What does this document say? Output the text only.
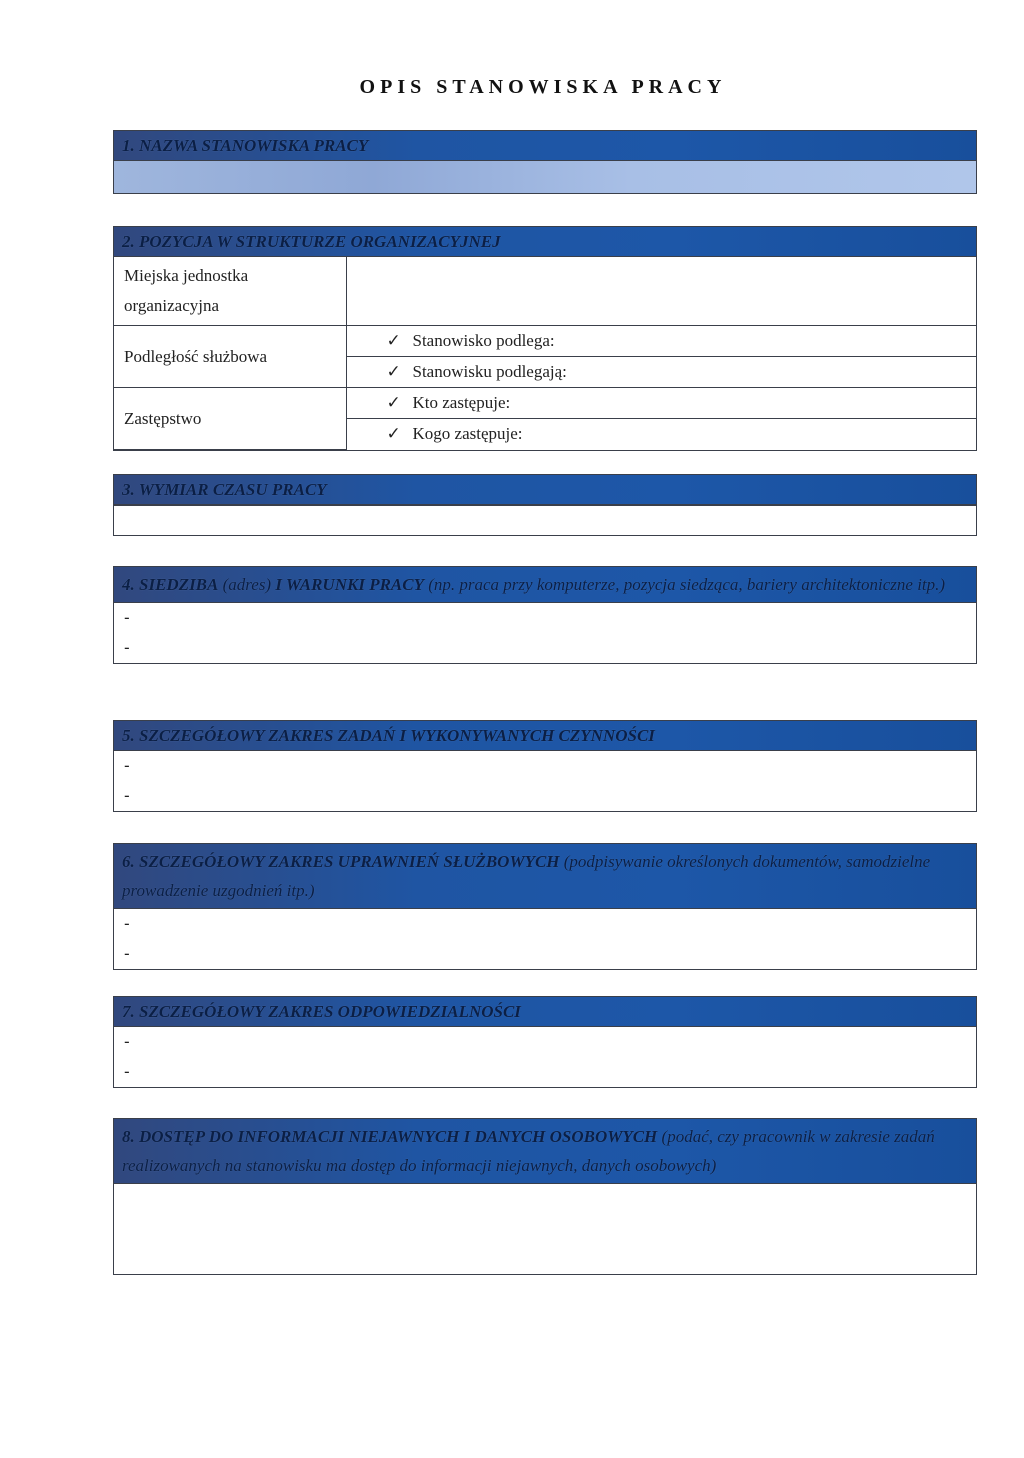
OPIS STANOWISKA PRACY
1. NAZWA STANOWISKA PRACY
2. POZYCJA W STRUKTURZE ORGANIZACYJNEJ
Miejska jednostka organizacyjna	
Podległość służbowa	✓ Stanowisko podlega:
	✓ Stanowisku podlegają:
Zastępstwo	✓ Kto zastępuje:
	✓ Kogo zastępuje:
3. WYMIAR CZASU PRACY
4. SIEDZIBA (adres) I WARUNKI PRACY (np. praca przy komputerze, pozycja siedząca, bariery architektoniczne itp.)
-
-
5. SZCZEGÓŁOWY ZAKRES ZADAŃ I WYKONYWANYCH CZYNNOŚCI
-
-
6. SZCZEGÓŁOWY ZAKRES UPRAWNIEŃ SŁUŻBOWYCH (podpisywanie określonych dokumentów, samodzielne prowadzenie uzgodnień itp.)
-
-
7. SZCZEGÓŁOWY ZAKRES ODPOWIEDZIALNOŚCI
-
-
8. DOSTĘP DO INFORMACJI NIEJAWNYCH I DANYCH OSOBOWYCH (podać, czy pracownik w zakresie zadań realizowanych na stanowisku ma dostęp do informacji niejawnych, danych osobowych)
